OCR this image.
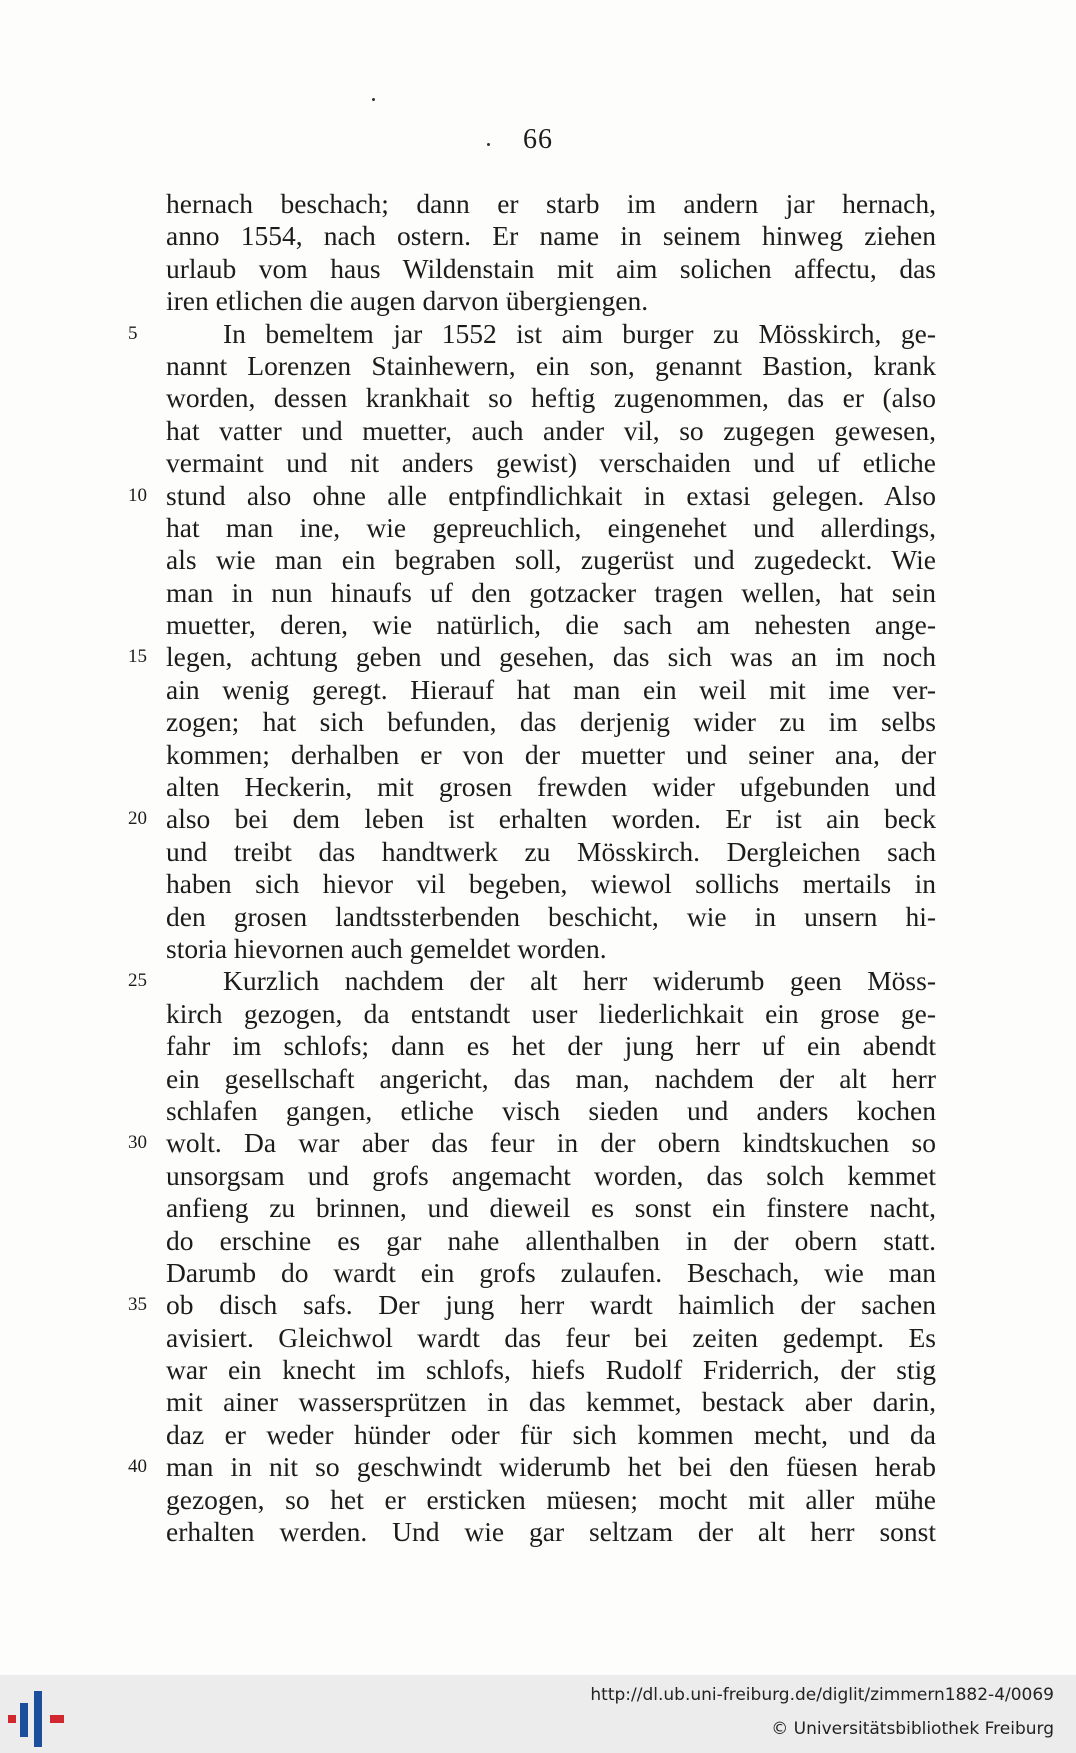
66
hernach beschach; dann er starb im andern jar hernach,
anno 1554, nach ostern. Er name in seinem hinweg ziehen
urlaub vom haus Wildenstain mit aim solichen affectu, das
iren etlichen die augen darvon übergiengen.
5	In bemeltem jar 1552 ist aim burger zu Mösskirch, ge-
nannt Lorenzen Stainhewern, ein son, genannt Bastion, krank
worden, dessen krankhait so heftig zugenommen, das er (also
hat vatter und muetter, auch ander vil, so zugegen gewesen,
vermaint und nit anders gewist) verschaiden und uf etliche
10 stund also ohne alle entpfindlichkait in extasi gelegen. Also
hat man ine, wie gepreuchlich, eingenehet und allerdings,
als wie man ein begraben soll, zugerüst und zugedeckt. Wie
man in nun hinaufs uf den gotzacker tragen wellen, hat sein
muetter, deren, wie natürlich, die sach am nehesten ange-
15 legen, achtung geben und gesehen, das sich was an im noch
ain wenig geregt. Hierauf hat man ein weil mit ime ver-
zogen; hat sich befunden, das derjenig wider zu im selbs
kommen; derhalben er von der muetter und seiner ana, der
alten Heckerin, mit grosen frewden wider ufgebunden und
20 also bei dem leben ist erhalten worden. Er ist ain beck
und treibt das handtwerk zu Mösskirch. Dergleichen sach
haben sich hievor vil begeben, wiewol sollichs mertails in
den grosen landtssterbenden beschicht, wie in unsern hi-
storia hievornen auch gemeldet worden.
25	Kurzlich nachdem der alt herr widerumb geen Möss-
kirch gezogen, da entstandt user liederlichkait ein grose ge-
fahr im schlofs; dann es het der jung herr uf ein abendt
ein gesellschaft angericht, das man, nachdem der alt herr
schlafen gangen, etliche visch sieden und anders kochen
30 wolt. Da war aber das feur in der obern kindtskuchen so
unsorgsam und grofs angemacht worden, das solch kemmet
anfieng zu brinnen, und dieweil es sonst ein finstere nacht,
do erschine es gar nahe allenthalben in der obern statt.
Darumb do wardt ein grofs zulaufen. Beschach, wie man
35 ob disch safs. Der jung herr wardt haimlich der sachen
avisiert. Gleichwol wardt das feur bei zeiten gedempt. Es
war ein knecht im schlofs, hiefs Rudolf Friderrich, der stig
mit ainer wassersprützen in das kemmet, bestack aber darin,
daz er weder hünder oder für sich kommen mecht, und da
40 man in nit so geschwindt widerumb het bei den füesen herab
gezogen, so het er ersticken müesen; mocht mit aller mühe
erhalten werden. Und wie gar seltzam der alt herr sonst
http://dl.ub.uni-freiburg.de/diglit/zimmern1882-4/0069
© Universitätsbibliothek Freiburg
